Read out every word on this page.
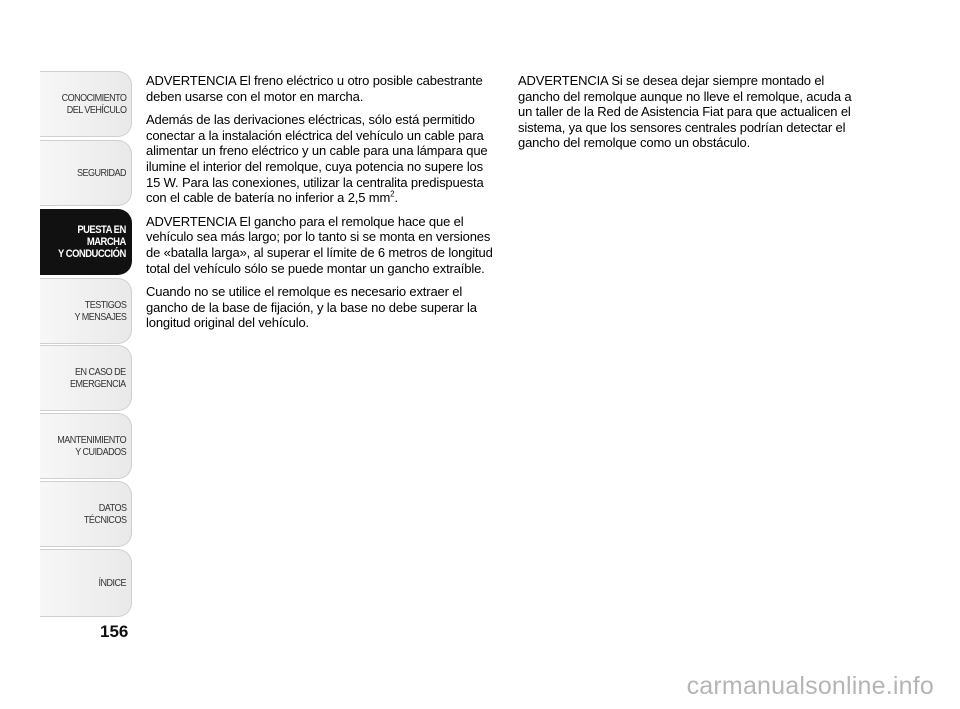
CONOCIMIENTO
DEL VEHÍCULO
SEGURIDAD
PUESTA EN
MARCHA
Y CONDUCCIÓN
TESTIGOS
Y MENSAJES
EN CASO DE
EMERGENCIA
MANTENIMIENTO
Y CUIDADOS
DATOS
TÉCNICOS
ÍNDICE
156

ADVERTENCIA El freno eléctrico u otro posible cabestrante deben usarse con el motor en marcha.

Además de las derivaciones eléctricas, sólo está permitido conectar a la instalación eléctrica del vehículo un cable para alimentar un freno eléctrico y un cable para una lámpara que ilumine el interior del remolque, cuya potencia no supere los 15 W. Para las conexiones, utilizar la centralita predispuesta con el cable de batería no inferior a 2,5 $mm^2$.

ADVERTENCIA El gancho para el remolque hace que el vehículo sea más largo; por lo tanto si se monta en versiones de «batalla larga», al superar el límite de 6 metros de longitud total del vehículo sólo se puede montar un gancho extraíble.

Cuando no se utilice el remolque es necesario extraer el gancho de la base de fijación, y la base no debe superar la longitud original del vehículo.

ADVERTENCIA Si se desea dejar siempre montado el gancho del remolque aunque no lleve el remolque, acuda a un taller de la Red de Asistencia Fiat para que actualicen el sistema, ya que los sensores centrales podrían detectar el gancho del remolque como un obstáculo.

carmanualsonline.info
